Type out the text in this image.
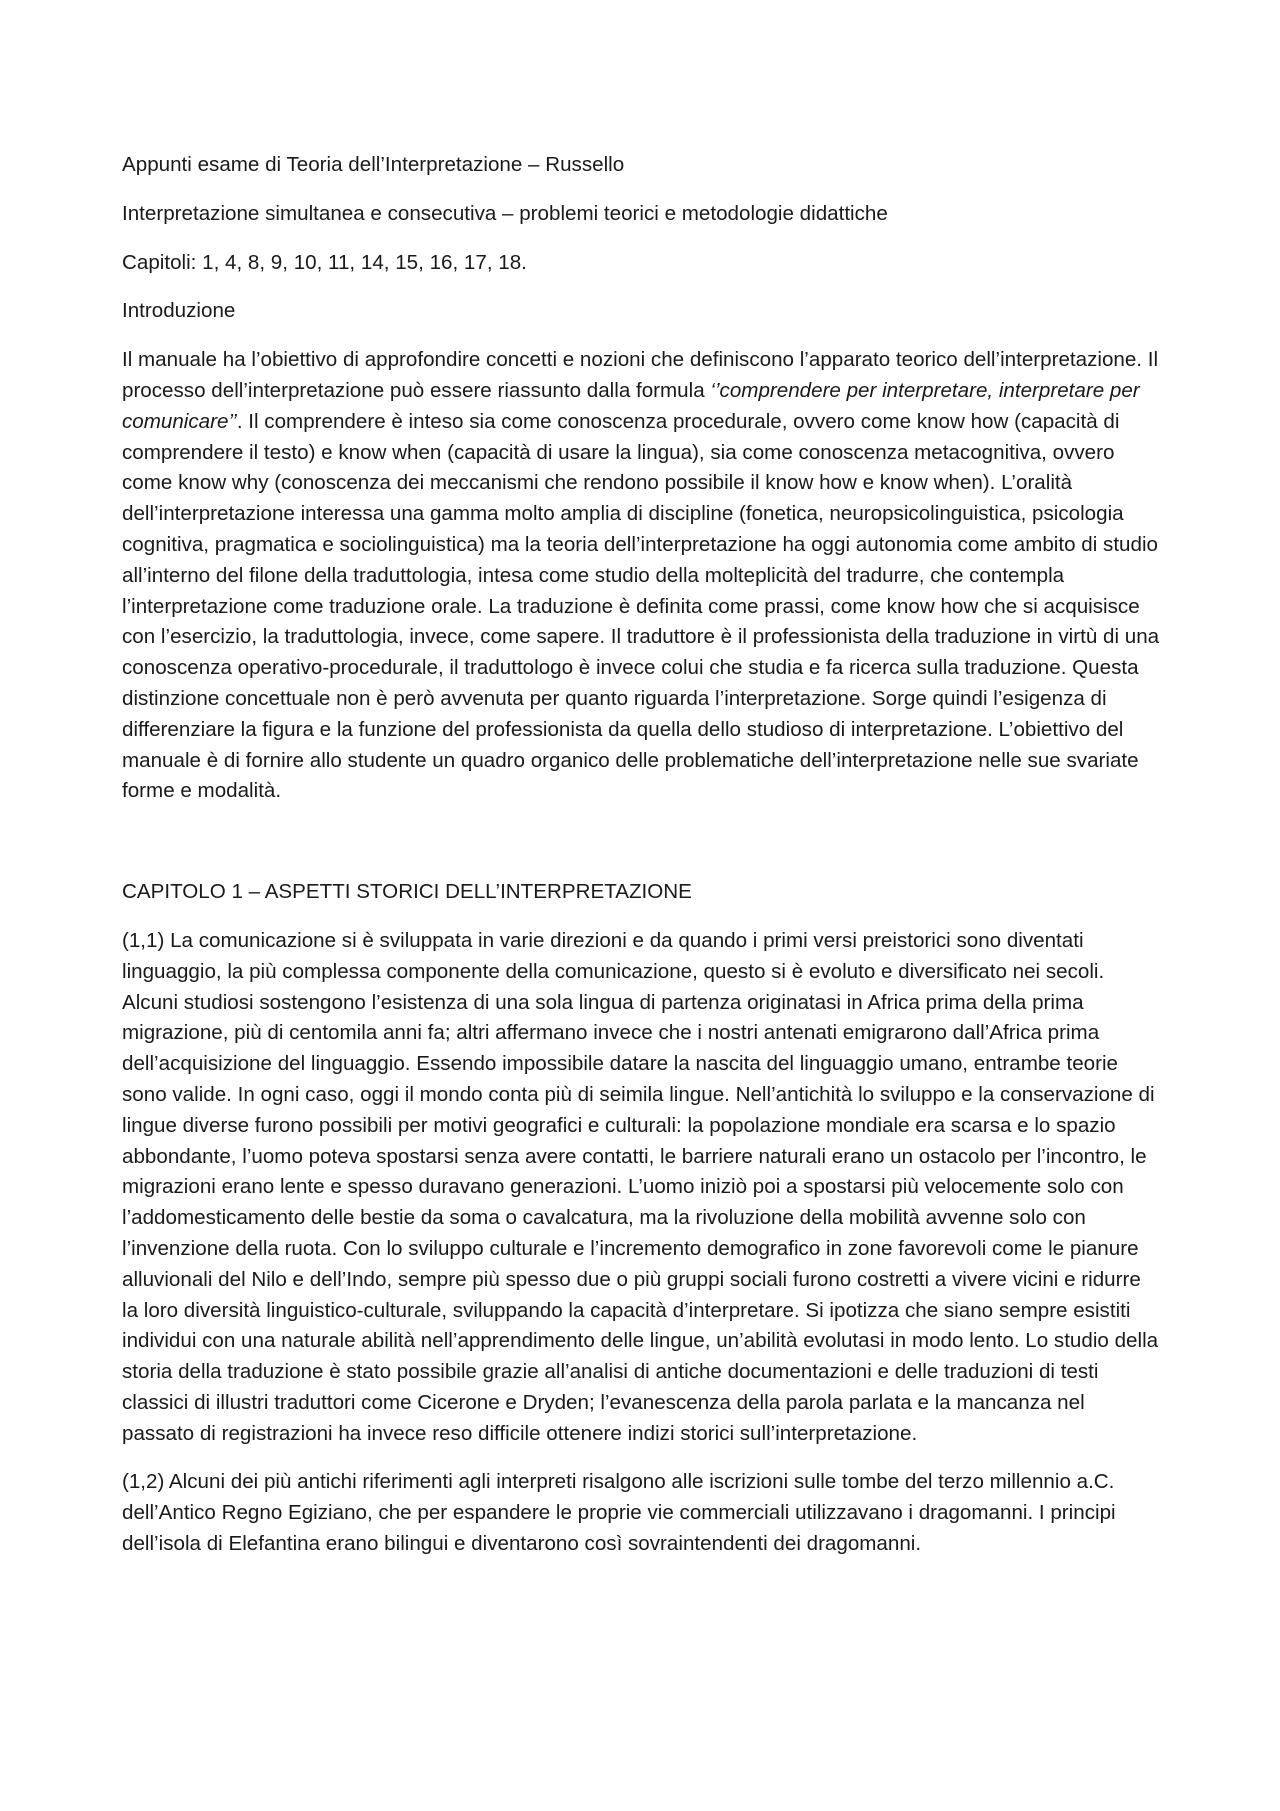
Appunti esame di Teoria dell’Interpretazione – Russello

Interpretazione simultanea e consecutiva – problemi teorici e metodologie didattiche

Capitoli: 1, 4, 8, 9, 10, 11, 14, 15, 16, 17, 18.

Introduzione

Il manuale ha l’obiettivo di approfondire concetti e nozioni che definiscono l’apparato teorico dell’interpretazione. Il processo dell’interpretazione può essere riassunto dalla formula ‘’comprendere per interpretare, interpretare per comunicare’’. Il comprendere è inteso sia come conoscenza procedurale, ovvero come know how (capacità di comprendere il testo) e know when (capacità di usare la lingua), sia come conoscenza metacognitiva, ovvero come know why (conoscenza dei meccanismi che rendono possibile il know how e know when). L’oralità dell’interpretazione interessa una gamma molto amplia di discipline (fonetica, neuropsicolinguistica, psicologia cognitiva, pragmatica e sociolinguistica) ma la teoria dell’interpretazione ha oggi autonomia come ambito di studio all’interno del filone della traduttologia, intesa come studio della molteplicità del tradurre, che contempla l’interpretazione come traduzione orale. La traduzione è definita come prassi, come know how che si acquisisce con l’esercizio, la traduttologia, invece, come sapere. Il traduttore è il professionista della traduzione in virtù di una conoscenza operativo-procedurale, il traduttologo è invece colui che studia e fa ricerca sulla traduzione. Questa distinzione concettuale non è però avvenuta per quanto riguarda l’interpretazione. Sorge quindi l’esigenza di differenziare la figura e la funzione del professionista da quella dello studioso di interpretazione. L’obiettivo del manuale è di fornire allo studente un quadro organico delle problematiche dell’interpretazione nelle sue svariate forme e modalità.

CAPITOLO 1 – ASPETTI STORICI DELL’INTERPRETAZIONE

(1,1) La comunicazione si è sviluppata in varie direzioni e da quando i primi versi preistorici sono diventati linguaggio, la più complessa componente della comunicazione, questo si è evoluto e diversificato nei secoli. Alcuni studiosi sostengono l’esistenza di una sola lingua di partenza originatasi in Africa prima della prima migrazione, più di centomila anni fa; altri affermano invece che i nostri antenati emigrarono dall’Africa prima dell’acquisizione del linguaggio. Essendo impossibile datare la nascita del linguaggio umano, entrambe teorie sono valide. In ogni caso, oggi il mondo conta più di seimila lingue. Nell’antichità lo sviluppo e la conservazione di lingue diverse furono possibili per motivi geografici e culturali: la popolazione mondiale era scarsa e lo spazio abbondante, l’uomo poteva spostarsi senza avere contatti, le barriere naturali erano un ostacolo per l’incontro, le migrazioni erano lente e spesso duravano generazioni. L’uomo iniziò poi a spostarsi più velocemente solo con l’addomesticamento delle bestie da soma o cavalcatura, ma la rivoluzione della mobilità avvenne solo con l’invenzione della ruota. Con lo sviluppo culturale e l’incremento demografico in zone favorevoli come le pianure alluvionali del Nilo e dell’Indo, sempre più spesso due o più gruppi sociali furono costretti a vivere vicini e ridurre la loro diversità linguistico-culturale, sviluppando la capacità d’interpretare. Si ipotizza che siano sempre esistiti individui con una naturale abilità nell’apprendimento delle lingue, un’abilità evolutasi in modo lento. Lo studio della storia della traduzione è stato possibile grazie all’analisi di antiche documentazioni e delle traduzioni di testi classici di illustri traduttori come Cicerone e Dryden; l’evanescenza della parola parlata e la mancanza nel passato di registrazioni ha invece reso difficile ottenere indizi storici sull’interpretazione.

(1,2) Alcuni dei più antichi riferimenti agli interpreti risalgono alle iscrizioni sulle tombe del terzo millennio a.C. dell’Antico Regno Egiziano, che per espandere le proprie vie commerciali utilizzavano i dragomanni. I principi dell’isola di Elefantina erano bilingui e diventarono così sovraintendenti dei dragomanni.
